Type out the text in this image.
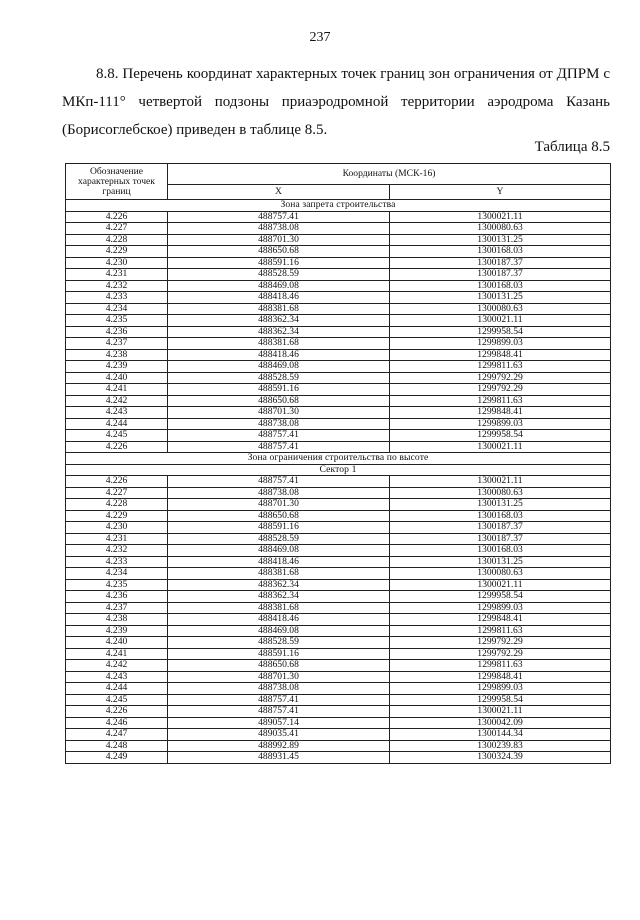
237

8.8. Перечень координат характерных точек границ зон ограничения от ДПРМ с МКп-111° четвертой подзоны приаэродромной территории аэродрома Казань (Борисоглебское) приведен в таблице 8.5.

Таблица 8.5
Обозначение характерных точек границ	Координаты (МСК-16)	
	X	Y
Зона запрета строительства		
4.226	488757.41	1300021.11
4.227	488738.08	1300080.63
4.228	488701.30	1300131.25
4.229	488650.68	1300168.03
4.230	488591.16	1300187.37
4.231	488528.59	1300187.37
4.232	488469.08	1300168.03
4.233	488418.46	1300131.25
4.234	488381.68	1300080.63
4.235	488362.34	1300021.11
4.236	488362.34	1299958.54
4.237	488381.68	1299899.03
4.238	488418.46	1299848.41
4.239	488469.08	1299811.63
4.240	488528.59	1299792.29
4.241	488591.16	1299792.29
4.242	488650.68	1299811.63
4.243	488701.30	1299848.41
4.244	488738.08	1299899.03
4.245	488757.41	1299958.54
4.226	488757.41	1300021.11
Зона ограничения строительства по высоте		
Сектор 1		
4.226	488757.41	1300021.11
4.227	488738.08	1300080.63
4.228	488701.30	1300131.25
4.229	488650.68	1300168.03
4.230	488591.16	1300187.37
4.231	488528.59	1300187.37
4.232	488469.08	1300168.03
4.233	488418.46	1300131.25
4.234	488381.68	1300080.63
4.235	488362.34	1300021.11
4.236	488362.34	1299958.54
4.237	488381.68	1299899.03
4.238	488418.46	1299848.41
4.239	488469.08	1299811.63
4.240	488528.59	1299792.29
4.241	488591.16	1299792.29
4.242	488650.68	1299811.63
4.243	488701.30	1299848.41
4.244	488738.08	1299899.03
4.245	488757.41	1299958.54
4.226	488757.41	1300021.11
4.246	489057.14	1300042.09
4.247	489035.41	1300144.34
4.248	488992.89	1300239.83
4.249	488931.45	1300324.39
